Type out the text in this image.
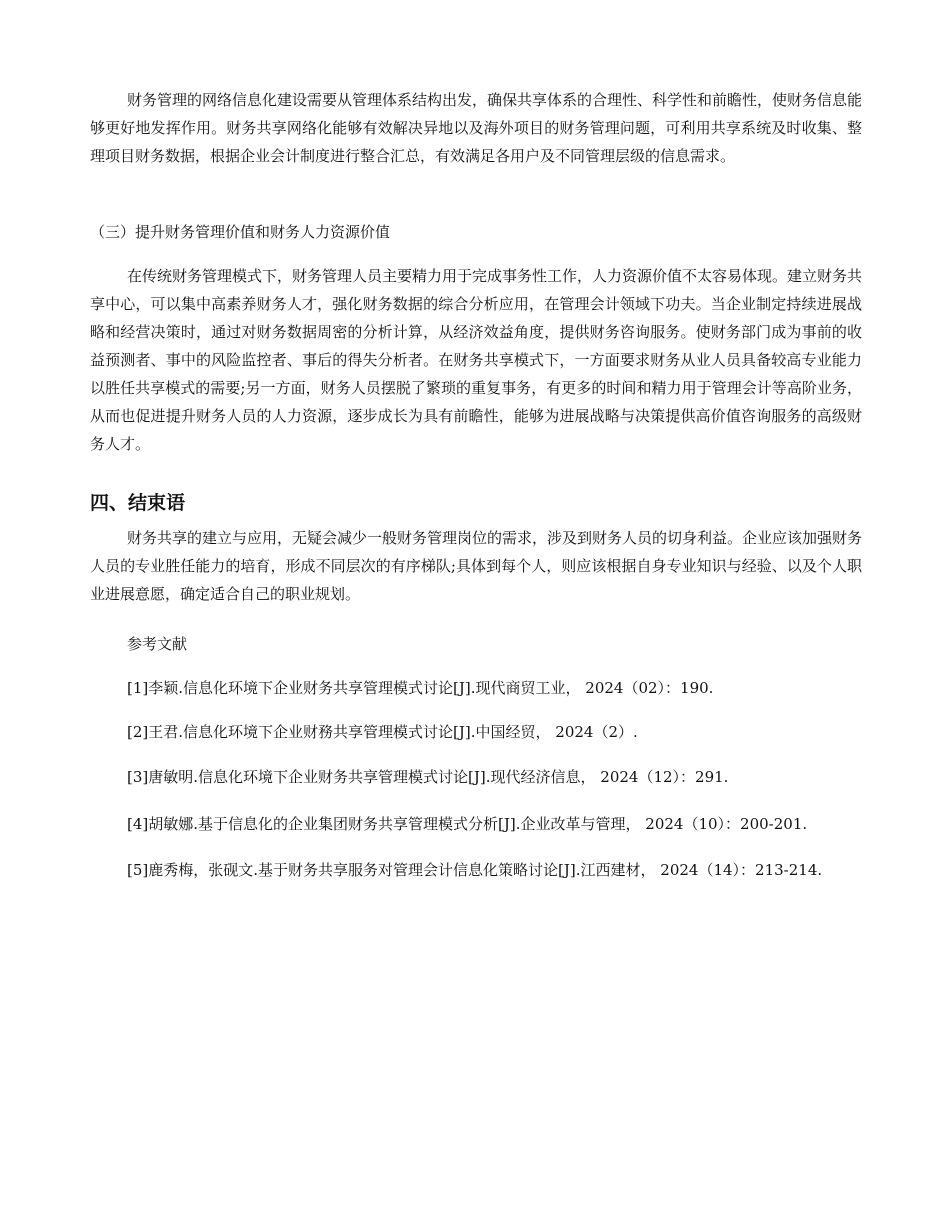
财务管理的网络信息化建设需要从管理体系结构出发，确保共享体系的合理性、科学性和前瞻性，使财务信息能够更好地发挥作用。财务共享网络化能够有效解决异地以及海外项目的财务管理问题，可利用共享系统及时收集、整理项目财务数据，根据企业会计制度进行整合汇总，有效满足各用户及不同管理层级的信息需求。

（三）提升财务管理价值和财务人力资源价值

在传统财务管理模式下，财务管理人员主要精力用于完成事务性工作，人力资源价值不太容易体现。建立财务共享中心，可以集中高素养财务人才，强化财务数据的综合分析应用，在管理会计领域下功夫。当企业制定持续进展战略和经营决策时，通过对财务数据周密的分析计算，从经济效益角度，提供财务咨询服务。使财务部门成为事前的收益预测者、事中的风险监控者、事后的得失分析者。在财务共享模式下，一方面要求财务从业人员具备较高专业能力以胜任共享模式的需要;另一方面，财务人员摆脱了繁琐的重复事务，有更多的时间和精力用于管理会计等高阶业务，从而也促进提升财务人员的人力资源，逐步成长为具有前瞻性，能够为进展战略与决策提供高价值咨询服务的高级财务人才。

四、结束语

财务共享的建立与应用，无疑会减少一般财务管理岗位的需求，涉及到财务人员的切身利益。企业应该加强财务人员的专业胜任能力的培育，形成不同层次的有序梯队;具体到每个人，则应该根据自身专业知识与经验、以及个人职业进展意愿，确定适合自己的职业规划。

参考文献

[1]李颖.信息化环境下企业财务共享管理模式讨论[J].现代商贸工业， 2024（02）：190.

[2]王君.信息化环境下企业财務共享管理模式讨论[J].中国经贸， 2024（2）.

[3]唐敏明.信息化环境下企业财务共享管理模式讨论[J].现代经济信息， 2024（12）：291.

[4]胡敏娜.基于信息化的企业集团财务共享管理模式分析[J].企业改革与管理， 2024（10）：200-201.

[5]鹿秀梅，张砚文.基于财务共享服务对管理会计信息化策略讨论[J].江西建材， 2024（14）：213-214.
